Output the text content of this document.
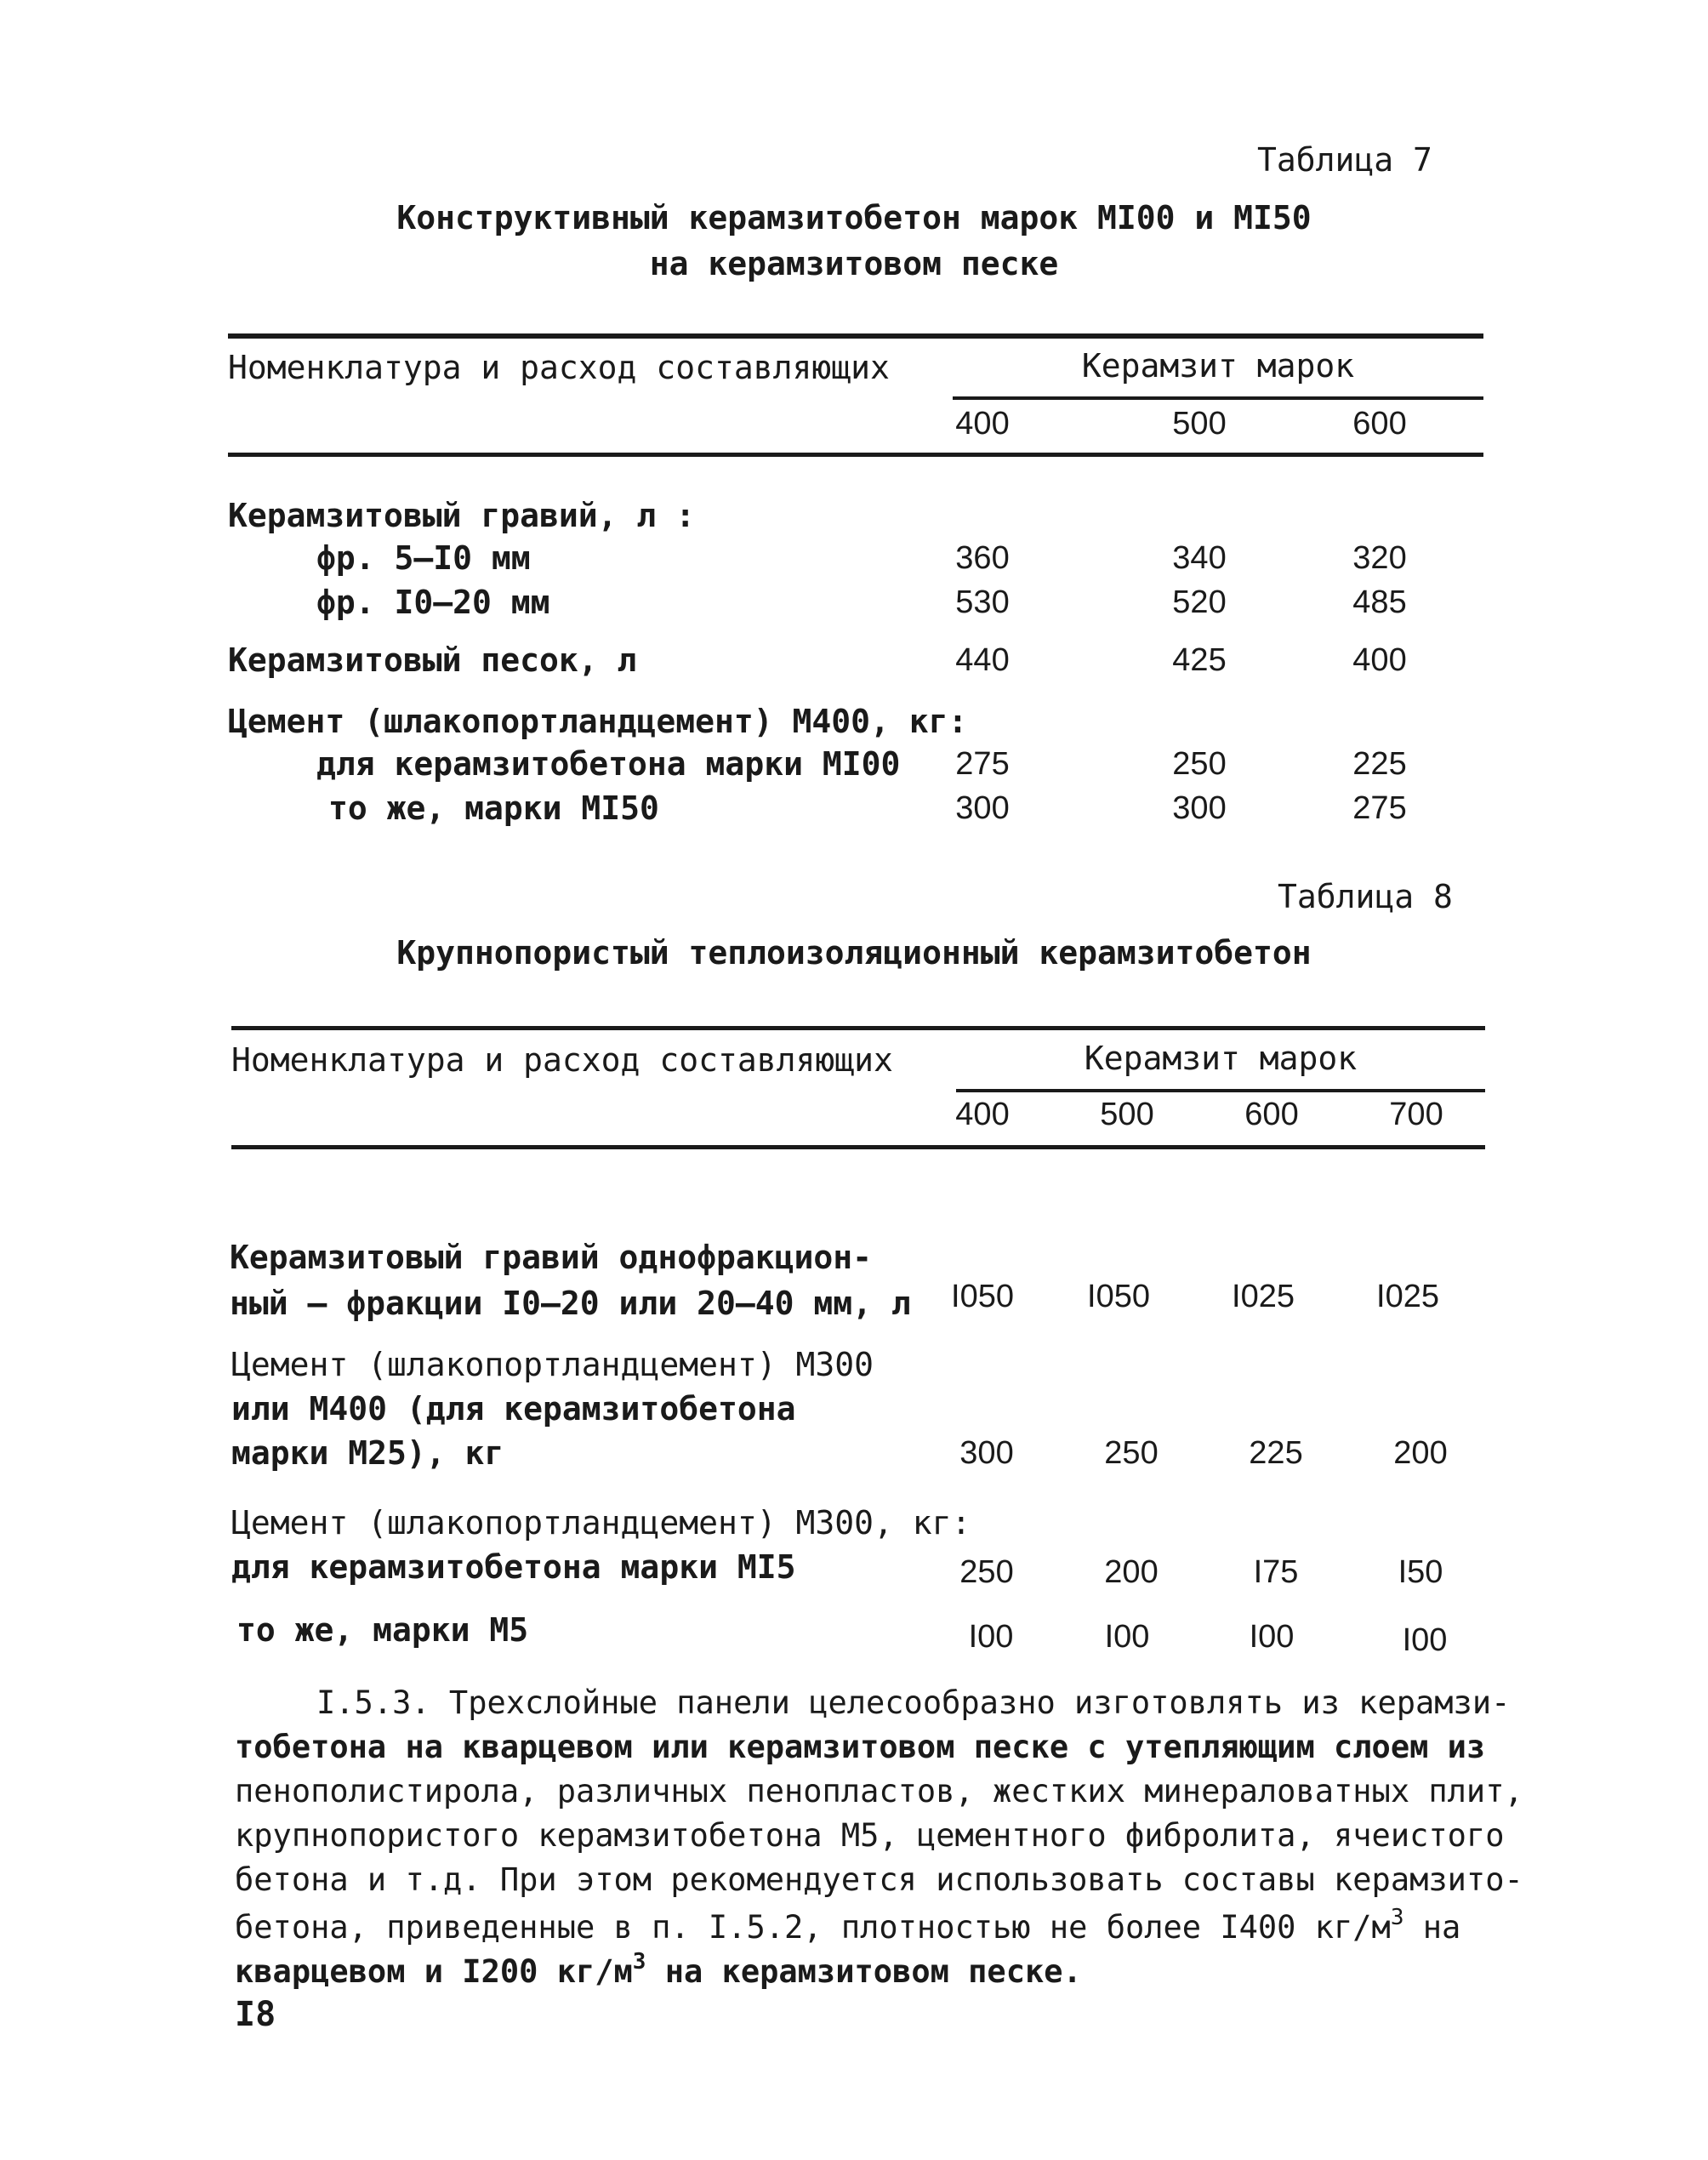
Таблица 7
Конструктивный керамзитобетон марок МI00 и МI50
на керамзитовом песке
Номенклатура и расход составляющих	Керамзит марок
400	500	600
Керамзитовый гравий, л :
фр. 5–I0 мм	360	340	320
фр. I0–20 мм	530	520	485
Керамзитовый песок, л	440	425	400
Цемент (шлакопортландцемент) М400, кг:
для керамзитобетона марки МI00	275	250	225
то же, марки МI50	300	300	275
Таблица 8
Крупнопористый теплоизоляционный керамзитобетон
Номенклатура и расход составляющих	Керамзит марок
400	500	600	700
Керамзитовый гравий однофракцион-
ный – фракции I0–20 или 20–40 мм, л	I050	I050	I025	I025
Цемент (шлакопортландцемент) М300
или М400 (для керамзитобетона
марки М25), кг	300	250	225	200
Цемент (шлакопортландцемент) М300, кг:
для керамзитобетона марки МI5	250	200	I75	I50
то же, марки М5	I00	I00	I00	I00
I.5.3. Трехслойные панели целесообразно изготовлять из керамзи-
тобетона на кварцевом или керамзитовом песке с утепляющим слоем из
пенополистирола, различных пенопластов, жестких минераловатных плит,
крупнопористого керамзитобетона М5, цементного фибролита, ячеистого
бетона и т.д. При этом рекомендуется использовать составы керамзито-
бетона, приведенные в п. I.5.2, плотностью не более I400 $кг/м^3$ на
кварцевом и I200 $кг/м^3$ на керамзитовом песке.
I8
